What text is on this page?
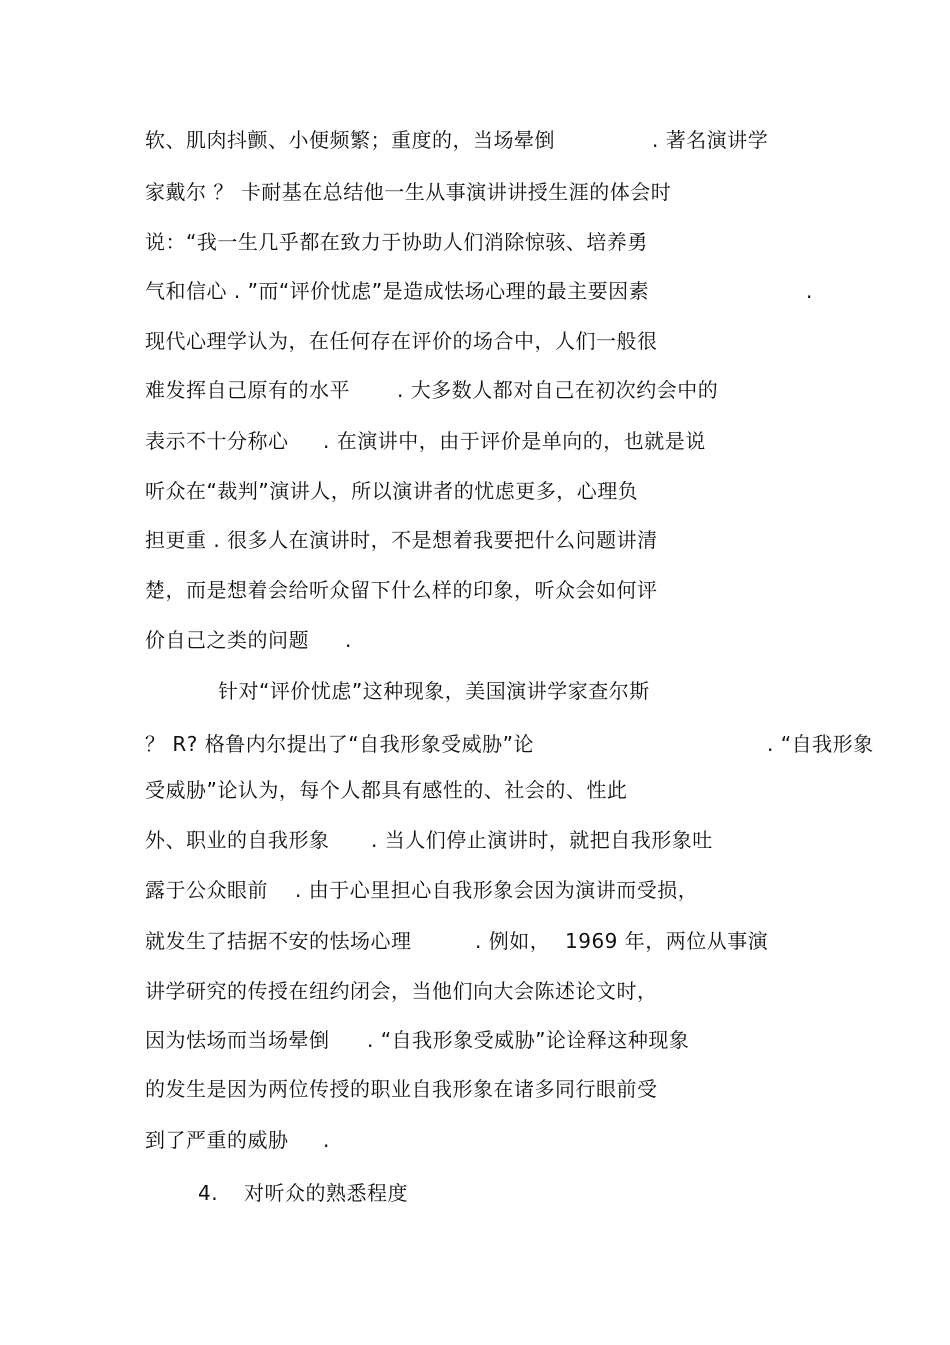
软、肌肉抖颤、小便频繁；重度的，当场晕倒

	. 著名演讲学

家戴尔 ？ 卡耐基在总结他一生从事演讲讲授生涯的体会时

说：“我一生几乎都在致力于协助人们消除惊骇、培养勇

气和信心 . ”而“评价忧虑”是造成怯场心理的最主要因素

	.

现代心理学认为，在任何存在评价的场合中，人们一般很

难发挥自己原有的水平

. 大多数人都对自己在初次约会中的

表示不十分称心

. 在演讲中，由于评价是单向的，也就是说

听众在“裁判”演讲人，所以演讲者的忧虑更多，心理负

担更重 . 很多人在演讲时，不是想着我要把什么问题讲清

楚，而是想着会给听众留下什么样的印象，听众会如何评

价自己之类的问题

.

针对“评价忧虑”这种现象，美国演讲学家查尔斯

？ R? 格鲁内尔提出了“自我形象受威胁”论

	. “自我形象

受威胁”论认为，每个人都具有感性的、社会的、性此

外、职业的自我形象

. 当人们停止演讲时，就把自我形象吐

露于公众眼前

. 由于心里担心自我形象会因为演讲而受损，

就发生了拮据不安的怯场心理

	. 例如，

1969 年，两位从事演

讲学研究的传授在纽约闭会，当他们向大会陈述论文时，

因为怯场而当场晕倒

. “自我形象受威胁”论诠释这种现象

的发生是因为两位传授的职业自我形象在诸多同行眼前受

到了严重的威胁

.

4.

对听众的熟悉程度
